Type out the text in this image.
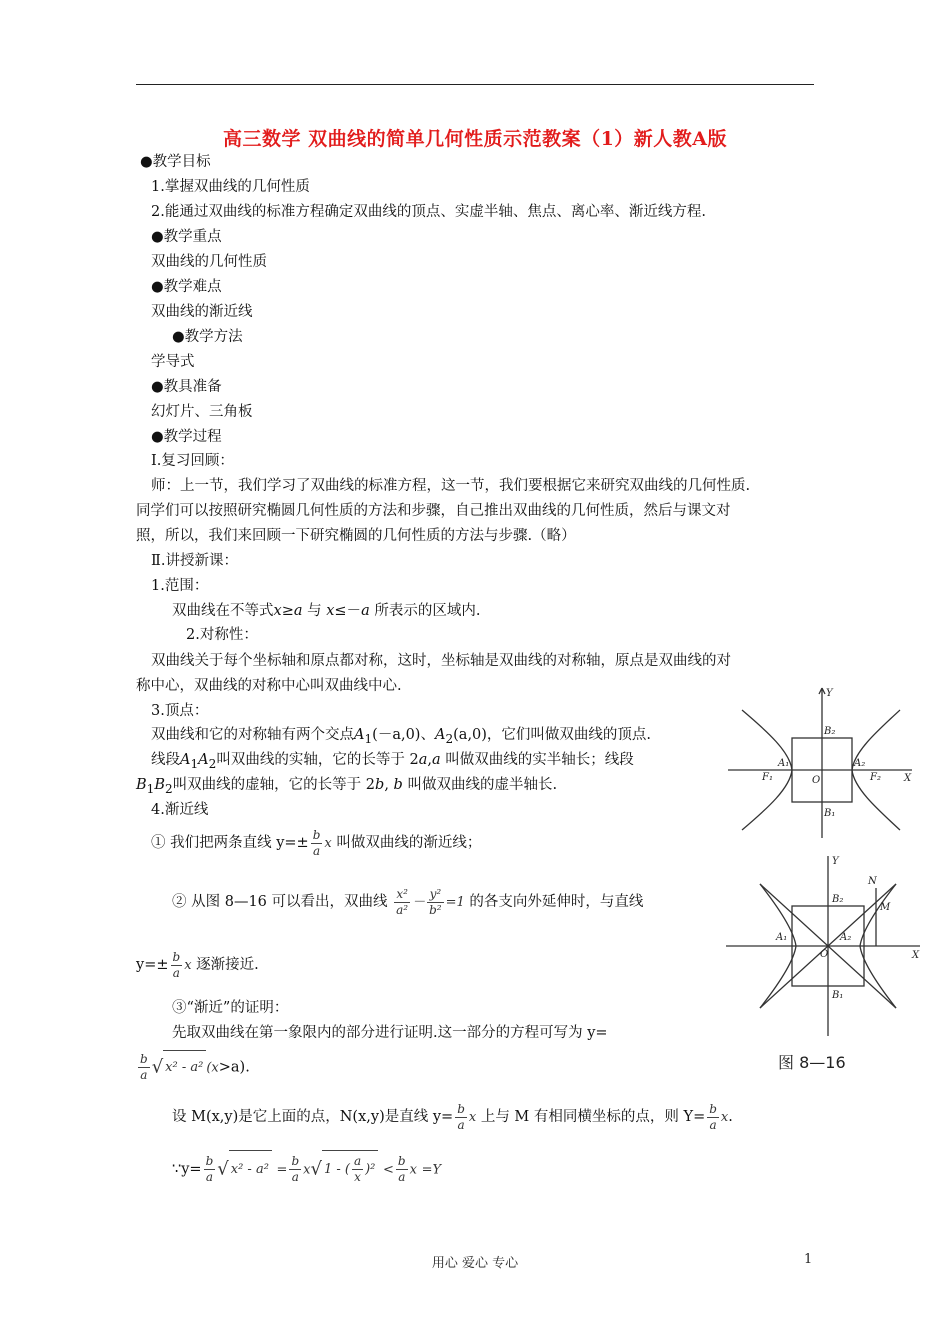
高三数学 双曲线的简单几何性质示范教案（1）新人教A版
●教学目标
1.掌握双曲线的几何性质
2.能通过双曲线的标准方程确定双曲线的顶点、实虚半轴、焦点、离心率、渐近线方程.
●教学重点
双曲线的几何性质
●教学难点
双曲线的渐近线
●教学方法
学导式
●教具准备
幻灯片、三角板
●教学过程
Ⅰ.复习回顾：
师：上一节，我们学习了双曲线的标准方程，这一节，我们要根据它来研究双曲线的几何性质.
同学们可以按照研究椭圆几何性质的方法和步骤，自己推出双曲线的几何性质，然后与课文对
照，所以，我们来回顾一下研究椭圆的几何性质的方法与步骤.（略）
Ⅱ.讲授新课：
1.范围：
双曲线在不等式x≥a 与 x≤－a 所表示的区域内.
2.对称性：
双曲线关于每个坐标轴和原点都对称，这时，坐标轴是双曲线的对称轴，原点是双曲线的对
称中心，双曲线的对称中心叫双曲线中心.
3.顶点：
双曲线和它的对称轴有两个交点$A_1(-a,0)$、$A_2(a,0)$，它们叫做双曲线的顶点.
线段$A_1A_2$叫双曲线的实轴，它的长等于 2a,a 叫做双曲线的实半轴长；线段
$B_1B_2$叫双曲线的虚轴，它的长等于 2b, b 叫做双曲线的虚半轴长.
4.渐近线
① 我们把两条直线 $y=\pm \frac{b}{a}$ x 叫做双曲线的渐近线；
② 从图 8—16 可以看出，双曲线 $\frac{\text{x²}}{\text{a²}} - \frac{\text{y²}}{\text{b²}} =1$ 的各支向外延伸时，与直线
$y=\pm \frac{b}{a}$ x 逐渐接近.
③“渐近”的证明：
先取双曲线在第一象限内的部分进行证明.这一部分的方程可写为 y=
$\frac{b}{a}$ √ x² - a² (x>a).
设 M(x,y)是它上面的点，N(x,y)是直线 $y= \frac{b}{a}$ x 上与 M 有相同横坐标的点，则 $Y= \frac{b}{a} x$.
∵y= $\frac{b}{a}$ √ $x^2 - a^2 = \frac{b}{a} x√$ 1 - ( $\frac{a}{x} )^2 < \frac{b}{a}$ x =Y
Y
X
O
B₂
B₁
A₁	A₂
F₁	F₂
Y
X
O
B₂
B₁
A₁	A₂
N
M
图 8—16
用心 爱心 专心	1
